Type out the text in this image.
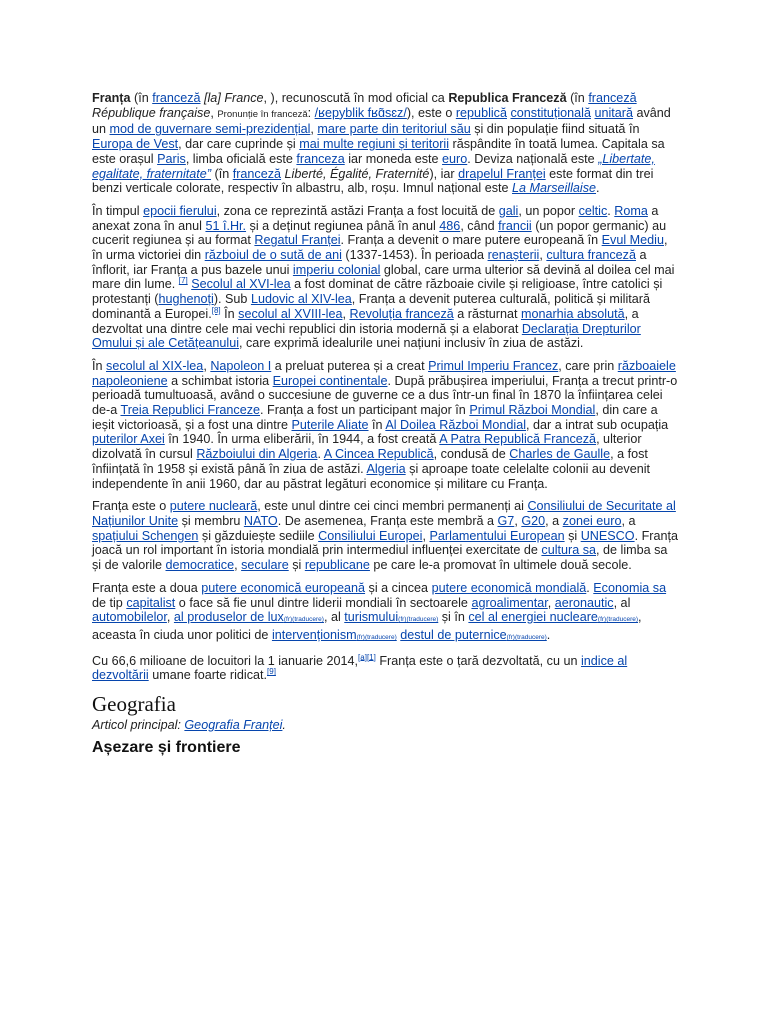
Franța (în franceză [la] France, ), recunoscută în mod oficial ca Republica Franceză (în franceză République française, Pronunție în franceză: /ʁepyblik fʁɑ̃sɛz/), este o republică constituțională unitară având un mod de guvernare semi-prezidențial, mare parte din teritoriul său și din populație fiind situată în Europa de Vest, dar care cuprinde și mai multe regiuni și teritorii răspândite în toată lumea. Capitala sa este orașul Paris, limba oficială este franceza iar moneda este euro. Deviza națională este „Libertate, egalitate, fraternitate” (în franceză Liberté, Égalité, Fraternité), iar drapelul Franței este format din trei benzi verticale colorate, respectiv în albastru, alb, roșu. Imnul național este La Marseillaise.

În timpul epocii fierului, zona ce reprezintă astăzi Franța a fost locuită de gali, un popor celtic. Roma a anexat zona în anul 51 î.Hr. și a deținut regiunea până în anul 486, când francii (un popor germanic) au cucerit regiunea și au format Regatul Franței. Franța a devenit o mare putere europeană în Evul Mediu, în urma victoriei din războiul de o sută de ani (1337-1453). În perioada renașterii, cultura franceză a înflorit, iar Franța a pus bazele unui imperiu colonial global, care urma ulterior să devină al doilea cel mai mare din lume. [7] Secolul al XVI-lea a fost dominat de către războaie civile și religioase, între catolici și protestanți (hughenoți). Sub Ludovic al XIV-lea, Franța a devenit puterea culturală, politică și militară dominantă a Europei.[8] În secolul al XVIII-lea, Revoluția franceză a răsturnat monarhia absolută, a dezvoltat una dintre cele mai vechi republici din istoria modernă și a elaborat Declarația Drepturilor Omului și ale Cetățeanului, care exprimă idealurile unei națiuni inclusiv în ziua de astăzi.

În secolul al XIX-lea, Napoleon I a preluat puterea și a creat Primul Imperiu Francez, care prin războaiele napoleoniene a schimbat istoria Europei continentale. După prăbușirea imperiului, Franța a trecut printr-o perioadă tumultuoasă, având o succesiune de guverne ce a dus într-un final în 1870 la înființarea celei de-a Treia Republici Franceze. Franța a fost un participant major în Primul Război Mondial, din care a ieșit victorioasă, și a fost una dintre Puterile Aliate în Al Doilea Război Mondial, dar a intrat sub ocupația puterilor Axei în 1940. În urma eliberării, în 1944, a fost creată A Patra Republică Franceză, ulterior dizolvată în cursul Războiului din Algeria. A Cincea Republică, condusă de Charles de Gaulle, a fost înființată în 1958 și există până în ziua de astăzi. Algeria și aproape toate celelalte colonii au devenit independente în anii 1960, dar au păstrat legături economice și militare cu Franța.

Franța este o putere nucleară, este unul dintre cei cinci membri permanenți ai Consiliului de Securitate al Națiunilor Unite și membru NATO. De asemenea, Franța este membră a G7, G20, a zonei euro, a spațiului Schengen și găzduiește sediile Consiliului Europei, Parlamentului European și UNESCO. Franța joacă un rol important în istoria mondială prin intermediul influenței exercitate de cultura sa, de limba sa și de valorile democratice, seculare și republicane pe care le-a promovat în ultimele două secole.

Franța este a doua putere economică europeană și a cincea putere economică mondială. Economia sa de tip capitalist o face să fie unul dintre liderii mondiali în sectoarele agroalimentar, aeronautic, al automobilelor, al produselor de lux(fr)(traducere), al turismului(fr)(traducere) și în cel al energiei nucleare(fr)(traducere), aceasta în ciuda unor politici de intervenționism(fr)(traducere) destul de puternice(fr)(traducere).

Cu 66,6 milioane de locuitori la 1 ianuarie 2014,[a][1] Franța este o țară dezvoltată, cu un indice al dezvoltării umane foarte ridicat.[9]

Geografia
Articol principal: Geografia Franței.
Așezare și frontiere
